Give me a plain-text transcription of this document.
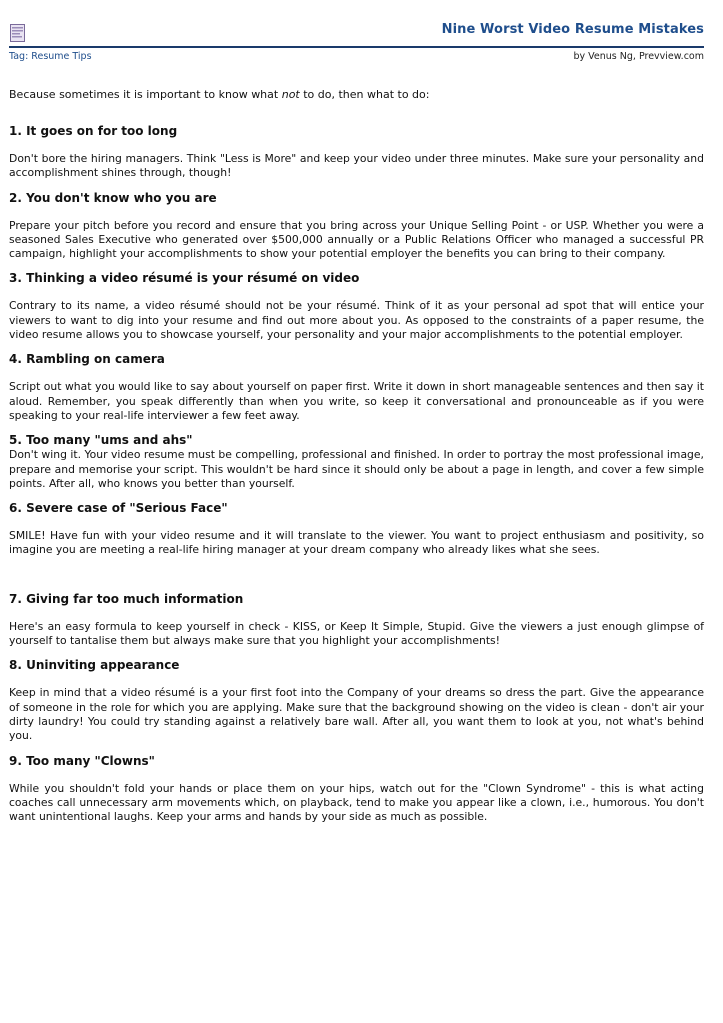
Nine Worst Video Resume Mistakes
Tag: Resume Tips	by Venus Ng, Prevview.com

Because sometimes it is important to know what not to do, then what to do:

1. It goes on for too long

Don't bore the hiring managers. Think "Less is More" and keep your video under three minutes. Make sure your personality and accomplishment shines through, though!

2. You don't know who you are

Prepare your pitch before you record and ensure that you bring across your Unique Selling Point - or USP. Whether you were a seasoned Sales Executive who generated over $500,000 annually or a Public Relations Officer who managed a successful PR campaign, highlight your accomplishments to show your potential employer the benefits you can bring to their company.

3. Thinking a video résumé is your résumé on video

Contrary to its name, a video résumé should not be your résumé. Think of it as your personal ad spot that will entice your viewers to want to dig into your resume and find out more about you. As opposed to the constraints of a paper resume, the video resume allows you to showcase yourself, your personality and your major accomplishments to the potential employer.

4. Rambling on camera

Script out what you would like to say about yourself on paper first. Write it down in short manageable sentences and then say it aloud. Remember, you speak differently than when you write, so keep it conversational and pronounceable as if you were speaking to your real-life interviewer a few feet away.

5. Too many "ums and ahs"

Don't wing it. Your video resume must be compelling, professional and finished. In order to portray the most professional image, prepare and memorise your script. This wouldn't be hard since it should only be about a page in length, and cover a few simple points. After all, who knows you better than yourself.

6. Severe case of "Serious Face"

SMILE! Have fun with your video resume and it will translate to the viewer. You want to project enthusiasm and positivity, so imagine you are meeting a real-life hiring manager at your dream company who already likes what she sees.

7. Giving far too much information

Here's an easy formula to keep yourself in check - KISS, or Keep It Simple, Stupid. Give the viewers a just enough glimpse of yourself to tantalise them but always make sure that you highlight your accomplishments!

8. Uninviting appearance

Keep in mind that a video résumé is a your first foot into the Company of your dreams so dress the part. Give the appearance of someone in the role for which you are applying. Make sure that the background showing on the video is clean - don't air your dirty laundry! You could try standing against a relatively bare wall. After all, you want them to look at you, not what's behind you.

9. Too many "Clowns"

While you shouldn't fold your hands or place them on your hips, watch out for the "Clown Syndrome" - this is what acting coaches call unnecessary arm movements which, on playback, tend to make you appear like a clown, i.e., humorous. You don't want unintentional laughs. Keep your arms and hands by your side as much as possible.
